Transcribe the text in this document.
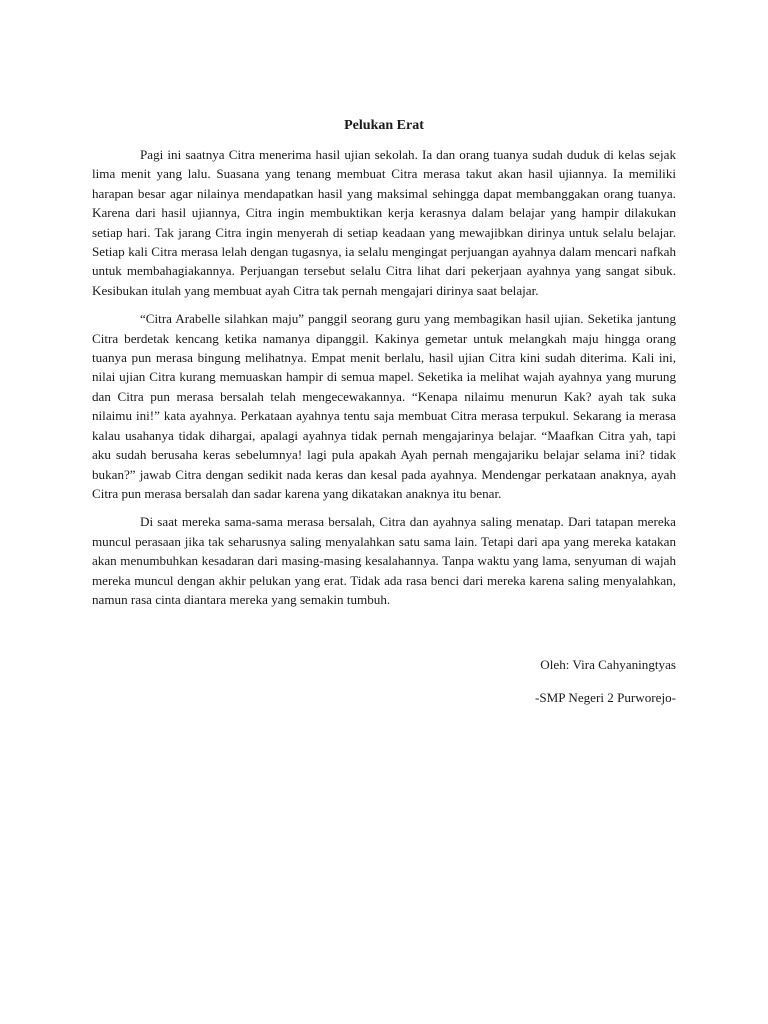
Pelukan Erat

Pagi ini saatnya Citra menerima hasil ujian sekolah. Ia dan orang tuanya sudah duduk di kelas sejak lima menit yang lalu. Suasana yang tenang membuat Citra merasa takut akan hasil ujiannya. Ia memiliki harapan besar agar nilainya mendapatkan hasil yang maksimal sehingga dapat membanggakan orang tuanya. Karena dari hasil ujiannya, Citra ingin membuktikan kerja kerasnya dalam belajar yang hampir dilakukan setiap hari. Tak jarang Citra ingin menyerah di setiap keadaan yang mewajibkan dirinya untuk selalu belajar. Setiap kali Citra merasa lelah dengan tugasnya, ia selalu mengingat perjuangan ayahnya dalam mencari nafkah untuk membahagiakannya. Perjuangan tersebut selalu Citra lihat dari pekerjaan ayahnya yang sangat sibuk. Kesibukan itulah yang membuat ayah Citra tak pernah mengajari dirinya saat belajar.

“Citra Arabelle silahkan maju” panggil seorang guru yang membagikan hasil ujian. Seketika jantung Citra berdetak kencang ketika namanya dipanggil. Kakinya gemetar untuk melangkah maju hingga orang tuanya pun merasa bingung melihatnya. Empat menit berlalu, hasil ujian Citra kini sudah diterima. Kali ini, nilai ujian Citra kurang memuaskan hampir di semua mapel. Seketika ia melihat wajah ayahnya yang murung dan Citra pun merasa bersalah telah mengecewakannya. “Kenapa nilaimu menurun Kak? ayah tak suka nilaimu ini!” kata ayahnya. Perkataan ayahnya tentu saja membuat Citra merasa terpukul. Sekarang ia merasa kalau usahanya tidak dihargai, apalagi ayahnya tidak pernah mengajarinya belajar. “Maafkan Citra yah, tapi aku sudah berusaha keras sebelumnya! lagi pula apakah Ayah pernah mengajariku belajar selama ini? tidak bukan?” jawab Citra dengan sedikit nada keras dan kesal pada ayahnya. Mendengar perkataan anaknya, ayah Citra pun merasa bersalah dan sadar karena yang dikatakan anaknya itu benar.

Di saat mereka sama-sama merasa bersalah, Citra dan ayahnya saling menatap. Dari tatapan mereka muncul perasaan jika tak seharusnya saling menyalahkan satu sama lain. Tetapi dari apa yang mereka katakan akan menumbuhkan kesadaran dari masing-masing kesalahannya. Tanpa waktu yang lama, senyuman di wajah mereka muncul dengan akhir pelukan yang erat. Tidak ada rasa benci dari mereka karena saling menyalahkan, namun rasa cinta diantara mereka yang semakin tumbuh.

Oleh: Vira Cahyaningtyas

-SMP Negeri 2 Purworejo-
